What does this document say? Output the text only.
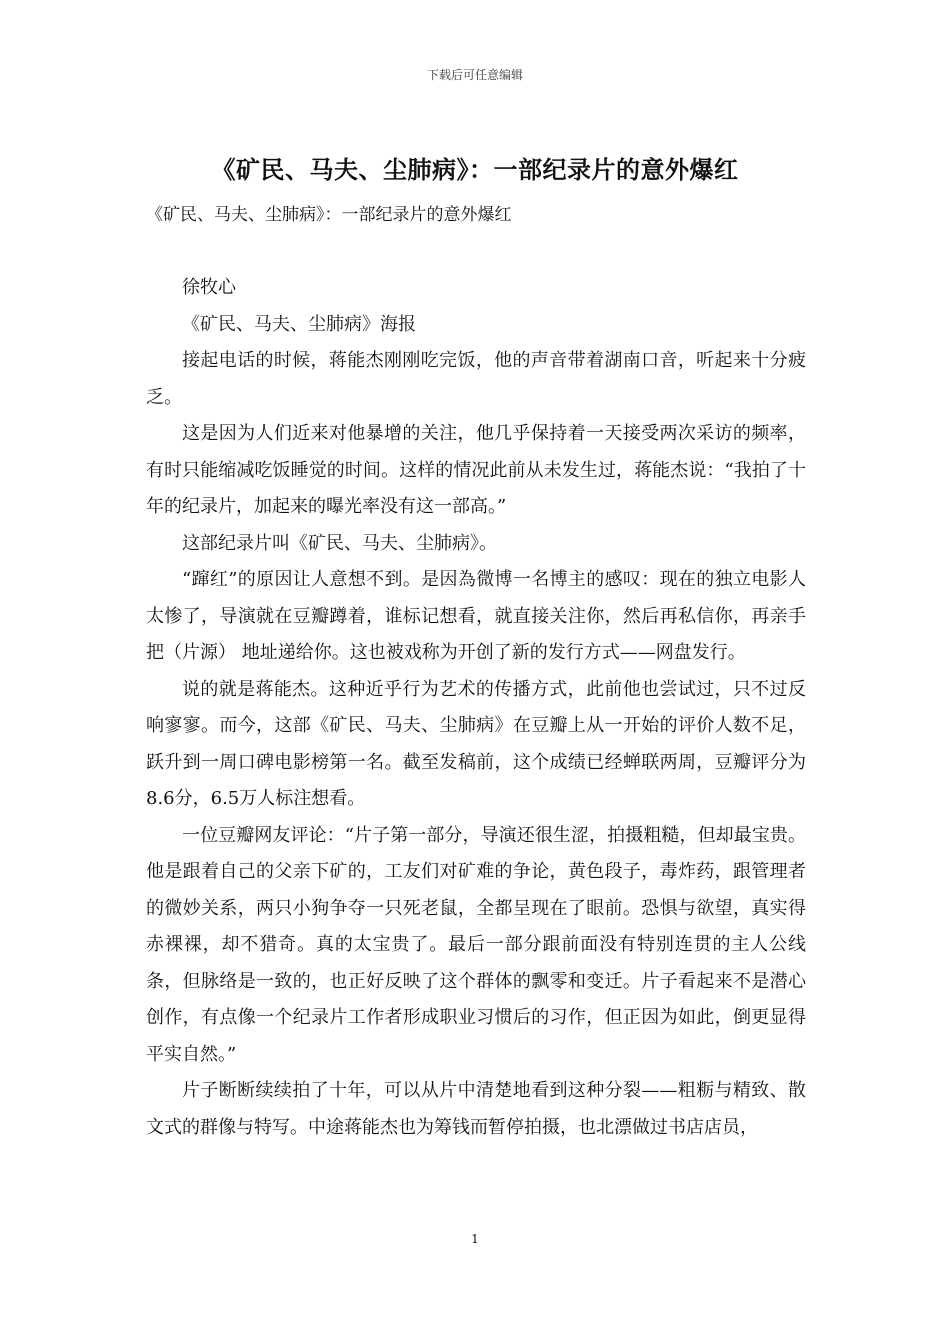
下载后可任意编辑
《矿民、马夫、尘肺病》：一部纪录片的意外爆红
《矿民、马夫、尘肺病》：一部纪录片的意外爆红

徐牧心

《矿民、马夫、尘肺病》海报

接起电话的时候，蒋能杰刚刚吃完饭，他的声音带着湖南口音，听起来十分疲乏。

这是因为人们近来对他暴增的关注，他几乎保持着一天接受两次采访的频率，有时只能缩减吃饭睡觉的时间。这样的情况此前从未发生过，蒋能杰说：“我拍了十年的纪录片，加起来的曝光率没有这一部高。”

这部纪录片叫《矿民、马夫、尘肺病》。

“蹿红”的原因让人意想不到。是因為微博一名博主的感叹：现在的独立电影人太惨了，导演就在豆瓣蹲着，谁标记想看，就直接关注你，然后再私信你，再亲手把（片源） 地址递给你。这也被戏称为开创了新的发行方式——网盘发行。

说的就是蒋能杰。这种近乎行为艺术的传播方式，此前他也尝试过，只不过反响寥寥。而今，这部《矿民、马夫、尘肺病》在豆瓣上从一开始的评价人数不足，跃升到一周口碑电影榜第一名。截至发稿前，这个成绩已经蝉联两周，豆瓣评分为 8.6分，6.5万人标注想看。

一位豆瓣网友评论：“片子第一部分，导演还很生涩，拍摄粗糙，但却最宝贵。他是跟着自己的父亲下矿的，工友们对矿难的争论，黄色段子，毒炸药，跟管理者的微妙关系，两只小狗争夺一只死老鼠，全都呈现在了眼前。恐惧与欲望，真实得赤裸裸，却不猎奇。真的太宝贵了。最后一部分跟前面没有特别连贯的主人公线条，但脉络是一致的，也正好反映了这个群体的飘零和变迁。片子看起来不是潜心创作，有点像一个纪录片工作者形成职业习惯后的习作，但正因为如此，倒更显得平实自然。”

片子断断续续拍了十年，可以从片中清楚地看到这种分裂——粗粝与精致、散文式的群像与特写。中途蒋能杰也为筹钱而暂停拍摄，也北漂做过书店店员，

1
